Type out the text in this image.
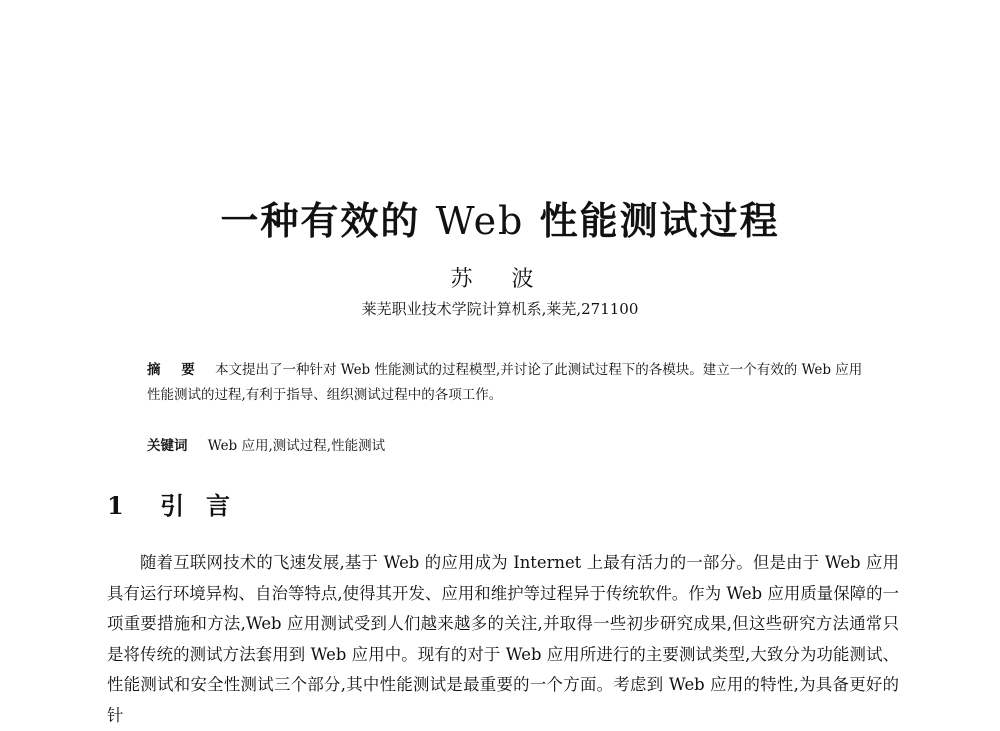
一种有效的 Web 性能测试过程
苏 波
莱芜职业技术学院计算机系,莱芜,271100
摘 要 本文提出了一种针对 Web 性能测试的过程模型,并讨论了此测试过程下的各模块。建立一个有效的 Web 应用性能测试的过程,有利于指导、组织测试过程中的各项工作。
关键词 Web 应用,测试过程,性能测试
1 引言
随着互联网技术的飞速发展,基于 Web 的应用成为 Internet 上最有活力的一部分。但是由于 Web 应用具有运行环境异构、自治等特点,使得其开发、应用和维护等过程异于传统软件。作为 Web 应用质量保障的一项重要措施和方法,Web 应用测试受到人们越来越多的关注,并取得一些初步研究成果,但这些研究方法通常只是将传统的测试方法套用到 Web 应用中。现有的对于 Web 应用所进行的主要测试类型,大致分为功能测试、性能测试和安全性测试三个部分,其中性能测试是最重要的一个方面。考虑到 Web 应用的特性,为具备更好的针
